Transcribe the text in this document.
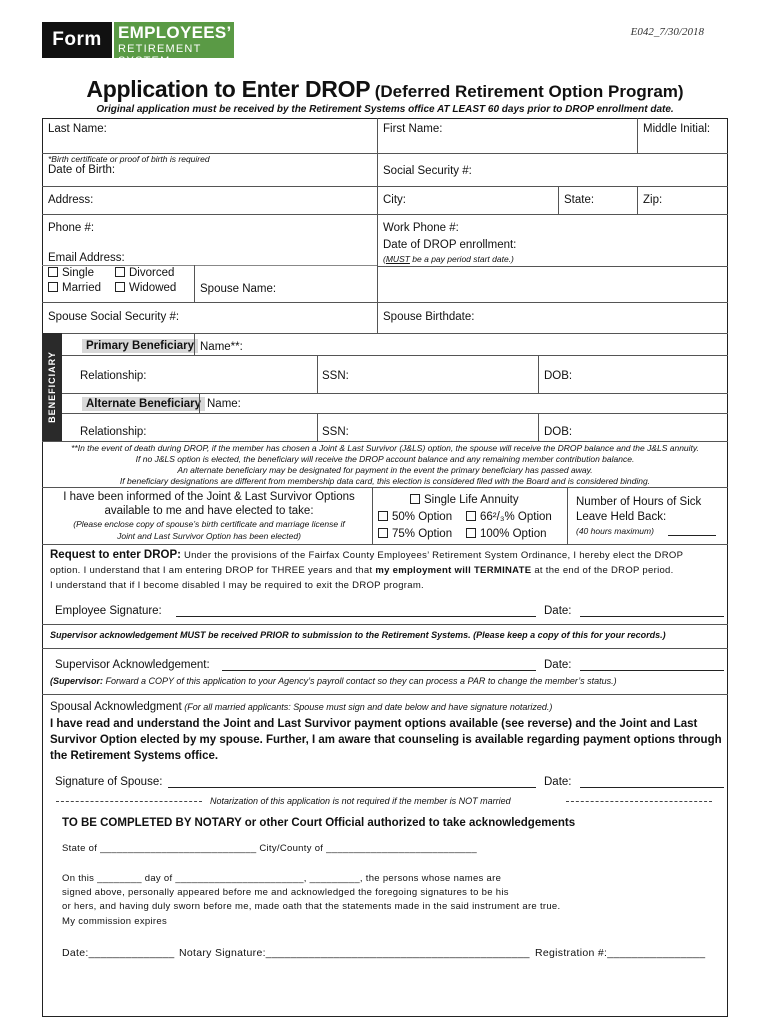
Form EMPLOYEES’
RETIREMENT SYSTEM
E042_7/30/2018
Application to Enter DROP (Deferred Retirement Option Program)
Original application must be received by the Retirement Systems office AT LEAST 60 days prior to DROP enrollment date.
Last Name:	First Name:	Middle Initial:
*Birth certificate or proof of birth is required
Date of Birth:	Social Security #:
Address:	City:	State:	Zip:
Phone #:	Work Phone #:
Date of DROP enrollment:
(MUST be a pay period start date.)
Email Address:
Single	Divorced
Married	Widowed Spouse Name:
Spouse Social Security #:	Spouse Birthdate:
BENEFICIARY
Primary Beneficiary Name**:
Relationship:	SSN:	DOB:
Alternate Beneficiary Name:
Relationship:	SSN:	DOB:
**In the event of death during DROP, if the member has chosen a Joint & Last Survivor (J&LS) option, the spouse will receive the DROP balance and the J&LS annuity.
If no J&LS option is elected, the beneficiary will receive the DROP account balance and any remaining member contribution balance.
An alternate beneficiary may be designated for payment in the event the primary beneficiary has passed away.
If beneficiary designations are different from membership data card, this election is considered filed with the Board and is considered binding.
I have been informed of the Joint & Last Survivor Options
available to me and have elected to take:
(Please enclose copy of spouse’s birth certificate and marriage license if
Joint and Last Survivor Option has been elected)
Single Life Annuity
50% Option	66²/₃% Option
75% Option	100% Option
Number of Hours of Sick
Leave Held Back:
(40 hours maximum)
Request to enter DROP: Under the provisions of the Fairfax County Employees’ Retirement System Ordinance, I hereby elect the DROP
option. I understand that I am entering DROP for THREE years and that my employment will TERMINATE at the end of the DROP period.
I understand that if I become disabled I may be required to exit the DROP program.
Employee Signature:	Date:
Supervisor acknowledgement MUST be received PRIOR to submission to the Retirement Systems. (Please keep a copy of this for your records.)
Supervisor Acknowledgement:	Date:
(Supervisor: Forward a COPY of this application to your Agency’s payroll contact so they can process a PAR to change the member’s status.)
Spousal Acknowledgment (For all married applicants: Spouse must sign and date below and have signature notarized.)
I have read and understand the Joint and Last Survivor payment options available (see reverse) and the Joint and Last
Survivor Option elected by my spouse. Further, I am aware that counseling is available regarding payment options through
the Retirement Systems office.
Signature of Spouse:	Date:
Notarization of this application is not required if the member is NOT married
TO BE COMPLETED BY NOTARY or other Court Official authorized to take acknowledgements
State of ____________________________ City/County of ___________________________
On this ________ day of _______________________, _________, the persons whose names are
signed above, personally appeared before me and acknowledged the foregoing signatures to be his
or hers, and having duly sworn before me, made oath that the statements made in the said instrument are true.
My commission expires
Date:______________ Notary Signature:___________________________________________ Registration #:________________
